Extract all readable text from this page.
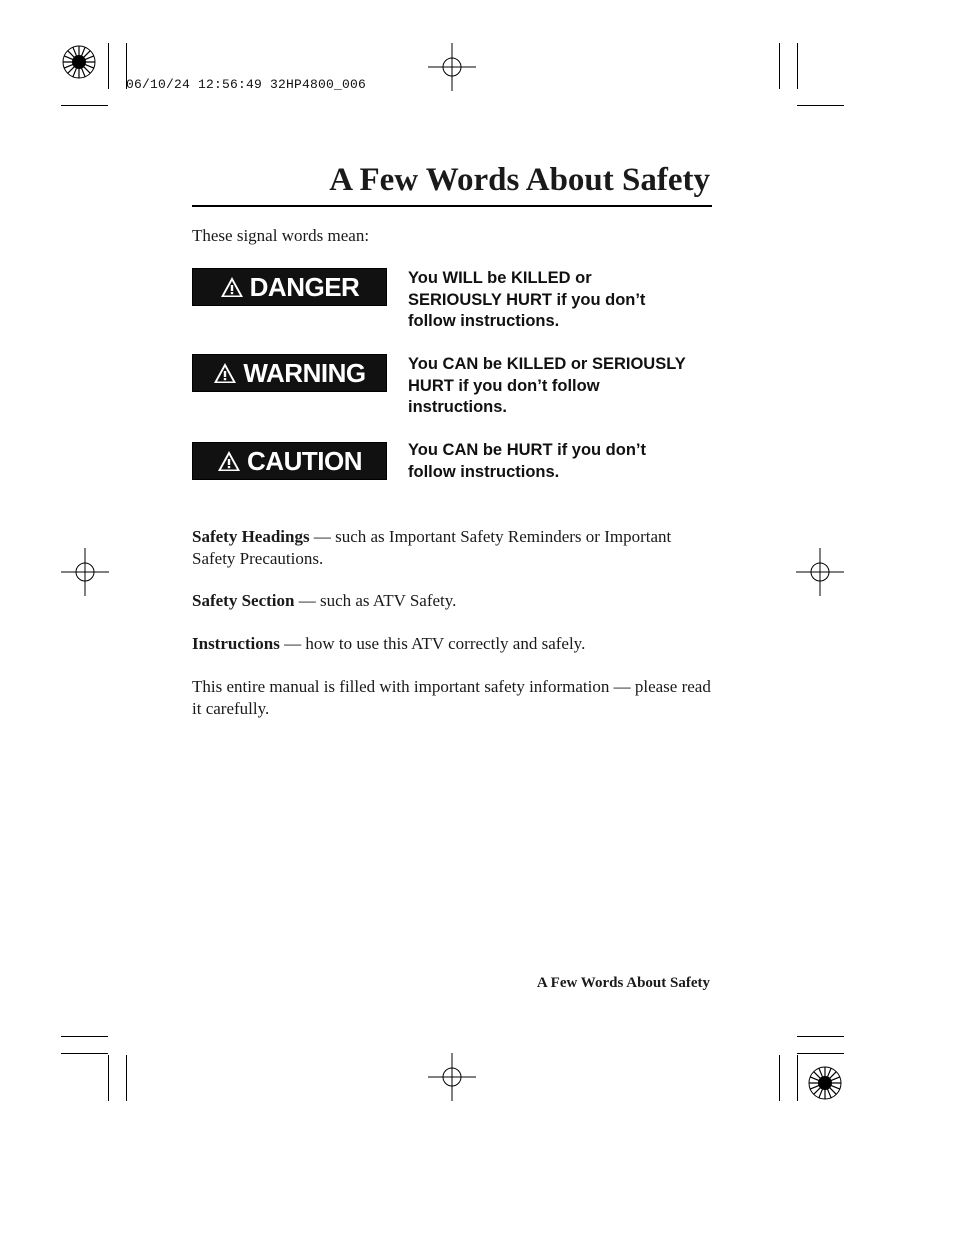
06/10/24 12:56:49 32HP4800_006
A Few Words About Safety
These signal words mean:
DANGER	You WILL be KILLED or
SERIOUSLY HURT if you don’t
follow instructions.
WARNING	You CAN be KILLED or SERIOUSLY
HURT if you don’t follow
instructions.
CAUTION	You CAN be HURT if you don’t
follow instructions.
Safety Headings — such as Important Safety Reminders or Important Safety Precautions.
Safety Section — such as ATV Safety.
Instructions — how to use this ATV correctly and safely.
This entire manual is filled with important safety information — please read it carefully.
A Few Words About Safety
